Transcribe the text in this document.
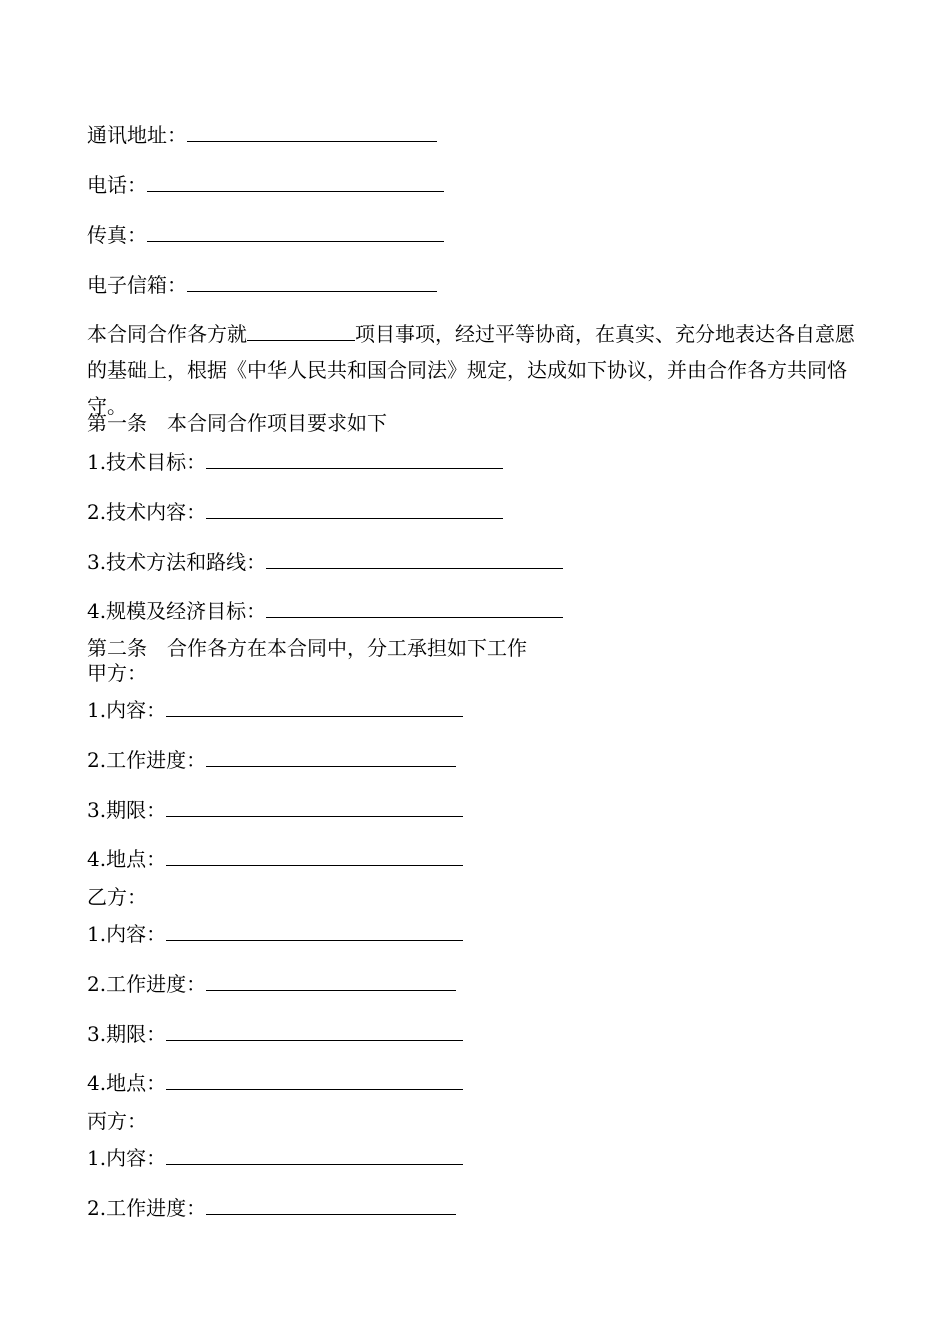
通讯地址：
电话：
传真：
电子信箱：
本合同合作各方就	项目事项，经过平等协商，在真实、充分地表达各自意愿的基础上，根据《中华人民共和国合同法》规定，达成如下协议，并由合作各方共同恪守。
第一条　本合同合作项目要求如下
1.技术目标：
2.技术内容：
3.技术方法和路线：
4.规模及经济目标：
第二条　合作各方在本合同中，分工承担如下工作
甲方：
1.内容：
2.工作进度：
3.期限：
4.地点：
乙方：
1.内容：
2.工作进度：
3.期限：
4.地点：
丙方：
1.内容：
2.工作进度：
